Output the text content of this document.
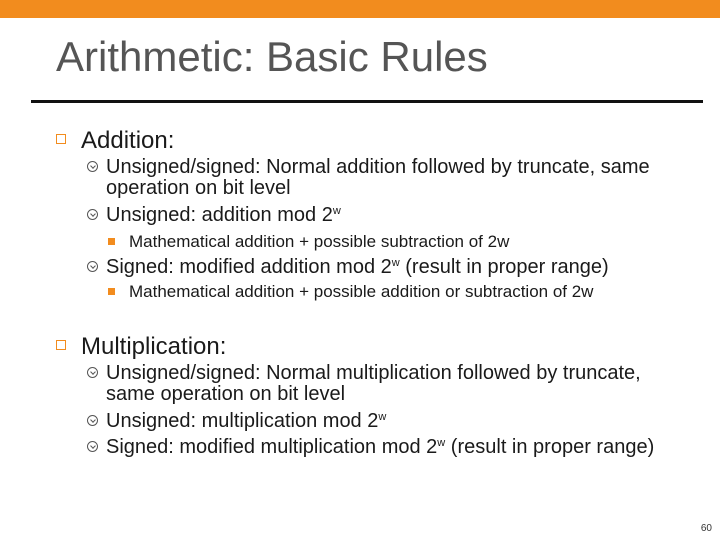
Arithmetic: Basic Rules
Addition:
Unsigned/signed: Normal addition followed by truncate, same operation on bit level
Unsigned: addition mod 2$^w$
Mathematical addition + possible subtraction of 2w
Signed: modified addition mod 2$^w$ (result in proper range)
Mathematical addition + possible addition or subtraction of 2w
Multiplication:
Unsigned/signed: Normal multiplication followed by truncate, same operation on bit level
Unsigned: multiplication mod 2$^w$
Signed: modified multiplication mod 2$^w$ (result in proper range)
60
